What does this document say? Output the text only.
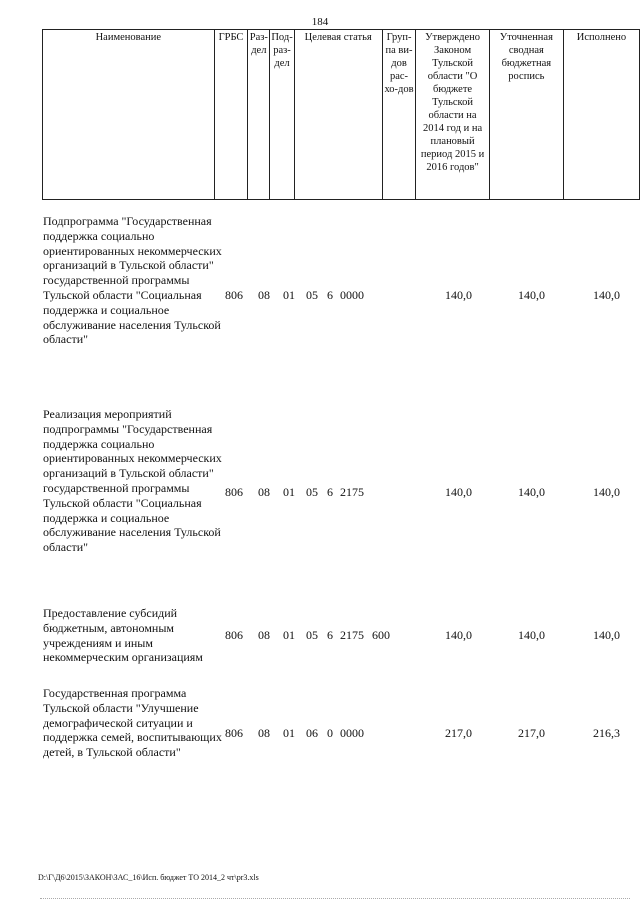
184
Наименование	ГРБС	Раз-дел	Под-раз-дел	Целевая статья	Груп-па ви-дов рас-хо-дов	Утверждено Законом Тульской области "О бюджете Тульской области на 2014 год и на плановый период 2015 и 2016 годов"	Уточненная сводная бюджетная роспись	Исполнено
Подпрограмма "Государственная поддержка социально ориентированных некоммерческих организаций в Тульской области" государственной программы Тульской области "Социальная поддержка и социальное обслуживание населения Тульской области"
806 08 01 05 6 0000	140,0	140,0	140,0
Реализация мероприятий подпрограммы "Государственная поддержка социально ориентированных некоммерческих организаций в Тульской области" государственной программы Тульской области "Социальная поддержка и социальное обслуживание населения Тульской области"
806 08 01 05 6 2175	140,0	140,0	140,0
Предоставление субсидий бюджетным, автономным учреждениям и иным некоммерческим организациям
806 08 01 05 6 2175 600	140,0	140,0	140,0
Государственная программа Тульской области "Улучшение демографической ситуации и поддержка семей, воспитывающих детей, в Тульской области"
806 08 01 06 0 0000	217,0	217,0	216,3
D:\Г\Д6\2015\ЗАКОН\ЗАС_16\Исп. бюджет ТО 2014_2 чт\pr3.xls
